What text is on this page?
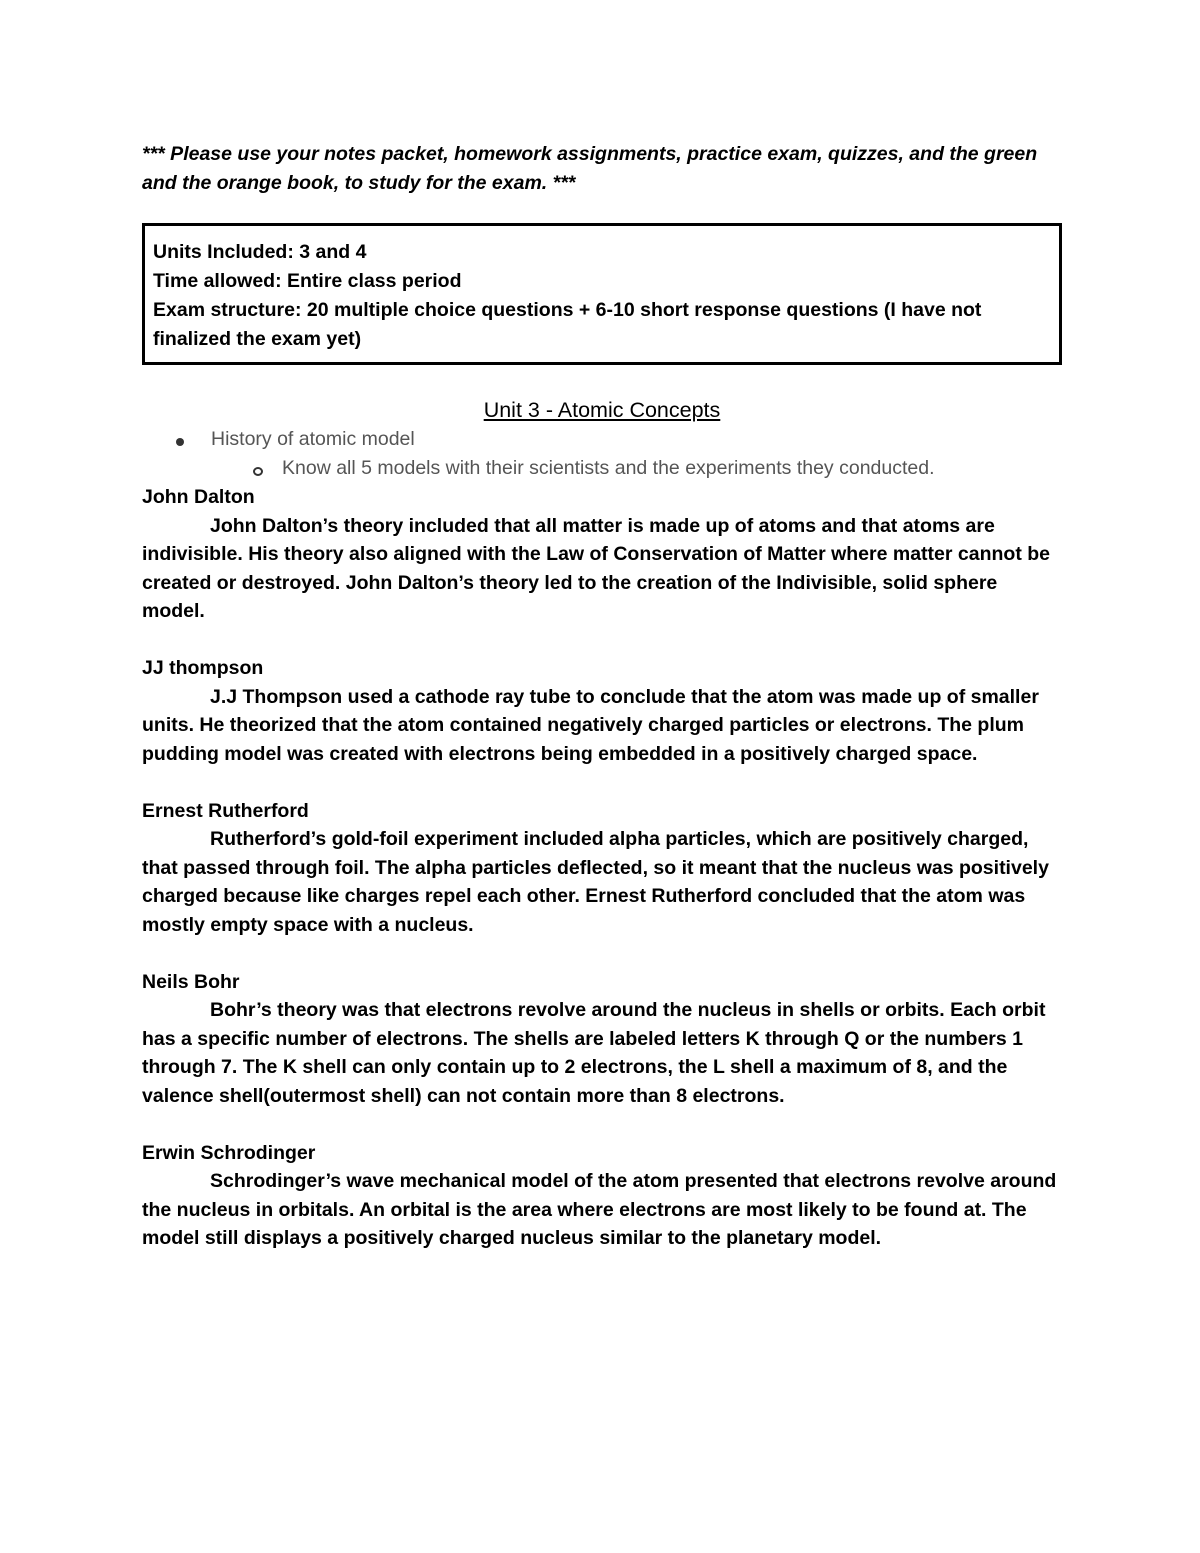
*** Please use your notes packet, homework assignments, practice exam, quizzes, and the green and the orange book, to study for the exam. ***

Units Included: 3 and 4
Time allowed: Entire class period
Exam structure: 20 multiple choice questions + 6-10 short response questions (I have not finalized the exam yet)
Unit 3 - Atomic Concepts
History of atomic model
Know all 5 models with their scientists and the experiments they conducted.
John Dalton

John Dalton’s theory included that all matter is made up of atoms and that atoms are indivisible. His theory also aligned with the Law of Conservation of Matter where matter cannot be created or destroyed. John Dalton’s theory led to the creation of the Indivisible, solid sphere model.

JJ thompson

J.J Thompson used a cathode ray tube to conclude that the atom was made up of smaller units. He theorized that the atom contained negatively charged particles or electrons. The plum pudding model was created with electrons being embedded in a positively charged space.

Ernest Rutherford

Rutherford’s gold-foil experiment included alpha particles, which are positively charged, that passed through foil. The alpha particles deflected, so it meant that the nucleus was positively charged because like charges repel each other. Ernest Rutherford concluded that the atom was mostly empty space with a nucleus.

Neils Bohr

Bohr’s theory was that electrons revolve around the nucleus in shells or orbits. Each orbit has a specific number of electrons. The shells are labeled letters K through Q or the numbers 1 through 7. The K shell can only contain up to 2 electrons, the L shell a maximum of 8, and the valence shell(outermost shell) can not contain more than 8 electrons.

Erwin Schrodinger

Schrodinger’s wave mechanical model of the atom presented that electrons revolve around the nucleus in orbitals. An orbital is the area where electrons are most likely to be found at. The model still displays a positively charged nucleus similar to the planetary model.
